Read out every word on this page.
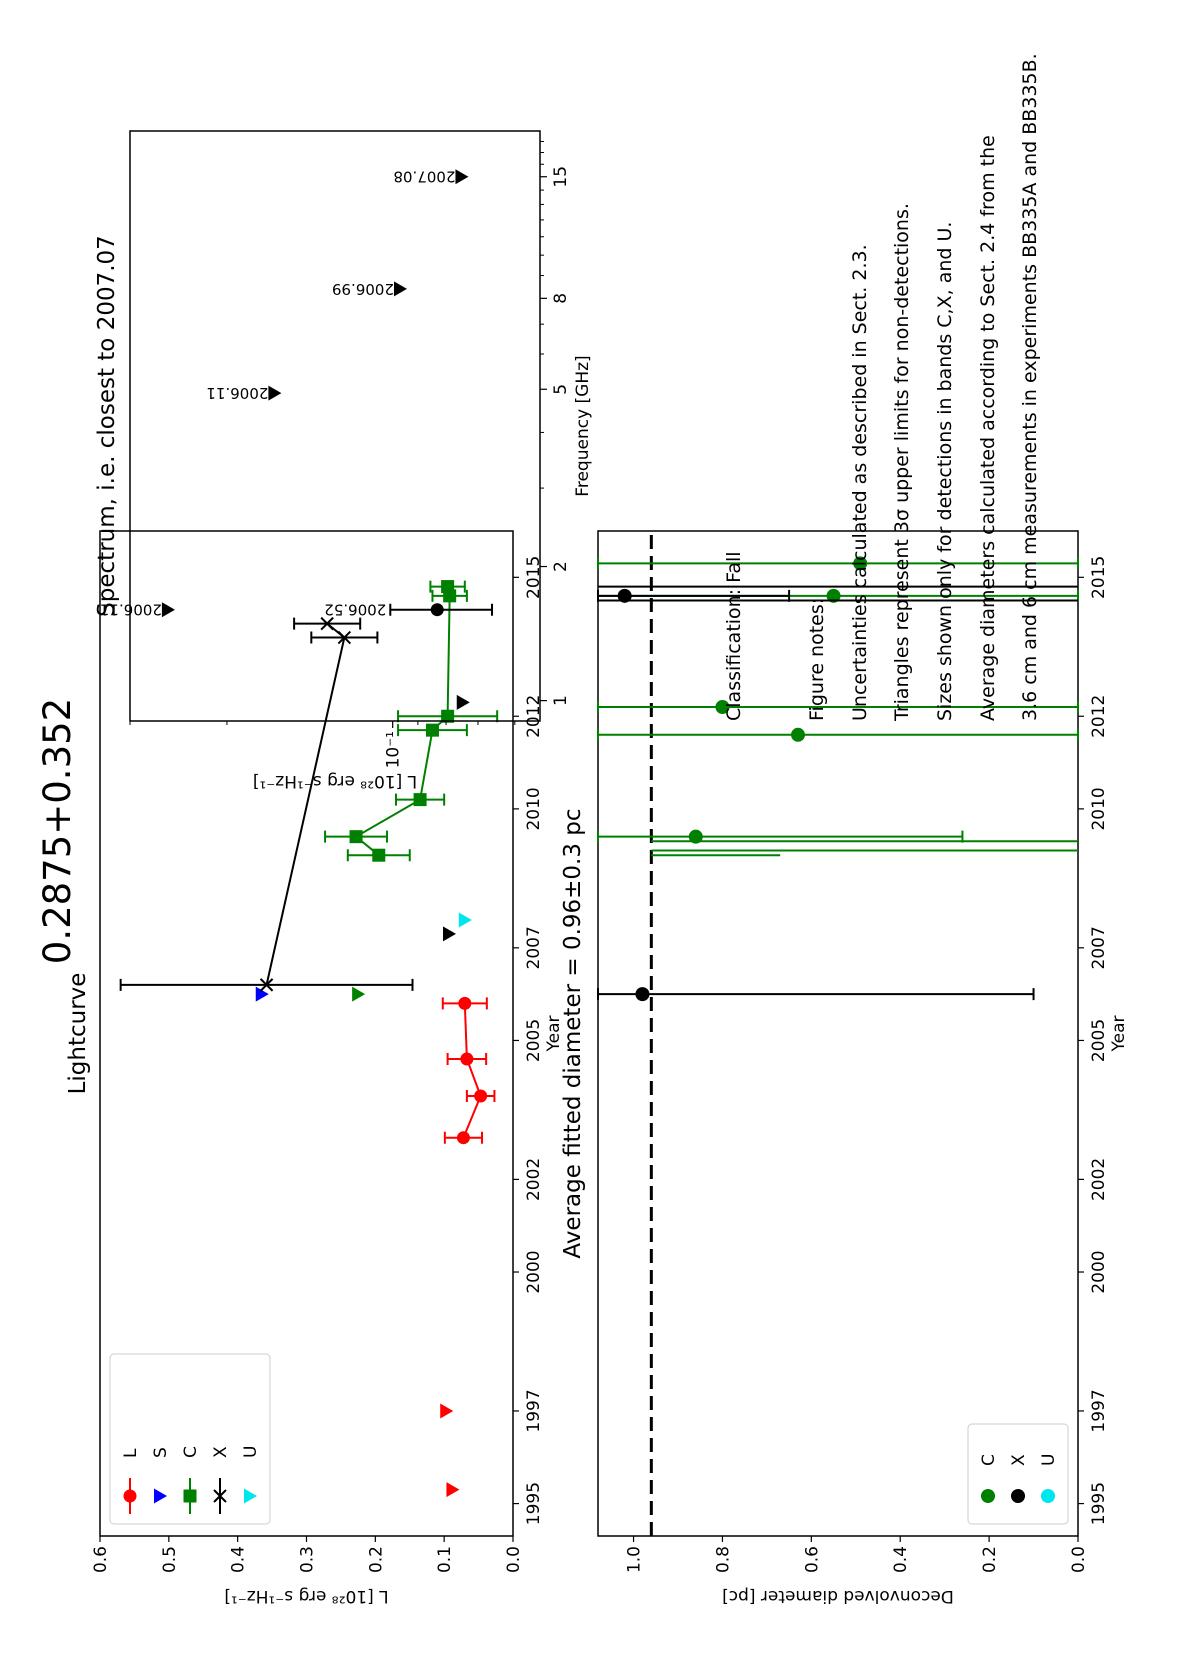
0.2875+0.352
Lightcurve
1995
1997
2000
2002
2005
2007
2010
2012
2015
0.0
0.1
0.2
0.3
0.4
0.5
0.6
Year
L [10²⁸ erg s⁻¹Hz⁻¹]
L S C X U
Spectrum, i.e. closest to 2007.07
1
2
5
8
15
10⁻¹
Frequency [GHz]
L [10²⁸ erg s⁻¹Hz⁻¹]
2006.52
2006.11
2006.11
2006.99
2007.08
Average fitted diameter = 0.96±0.3 pc
1995
1997
2000
2002
2005
2007
2010
2012
2015
0.0
0.2
0.4
0.6
0.8
1.0
Year
Deconvolved diameter [pc]
C X U
Classification: Fall	Figure notes: Uncertainties calculated as described in Sect. 2.3. Triangles represent 3σ upper limits for non-detections. Sizes shown only for detections in bands C,X, and U. Average diameters calculated according to Sect. 2.4 from the 3.6 cm and 6 cm measurements in experiments BB335A and BB335B.
